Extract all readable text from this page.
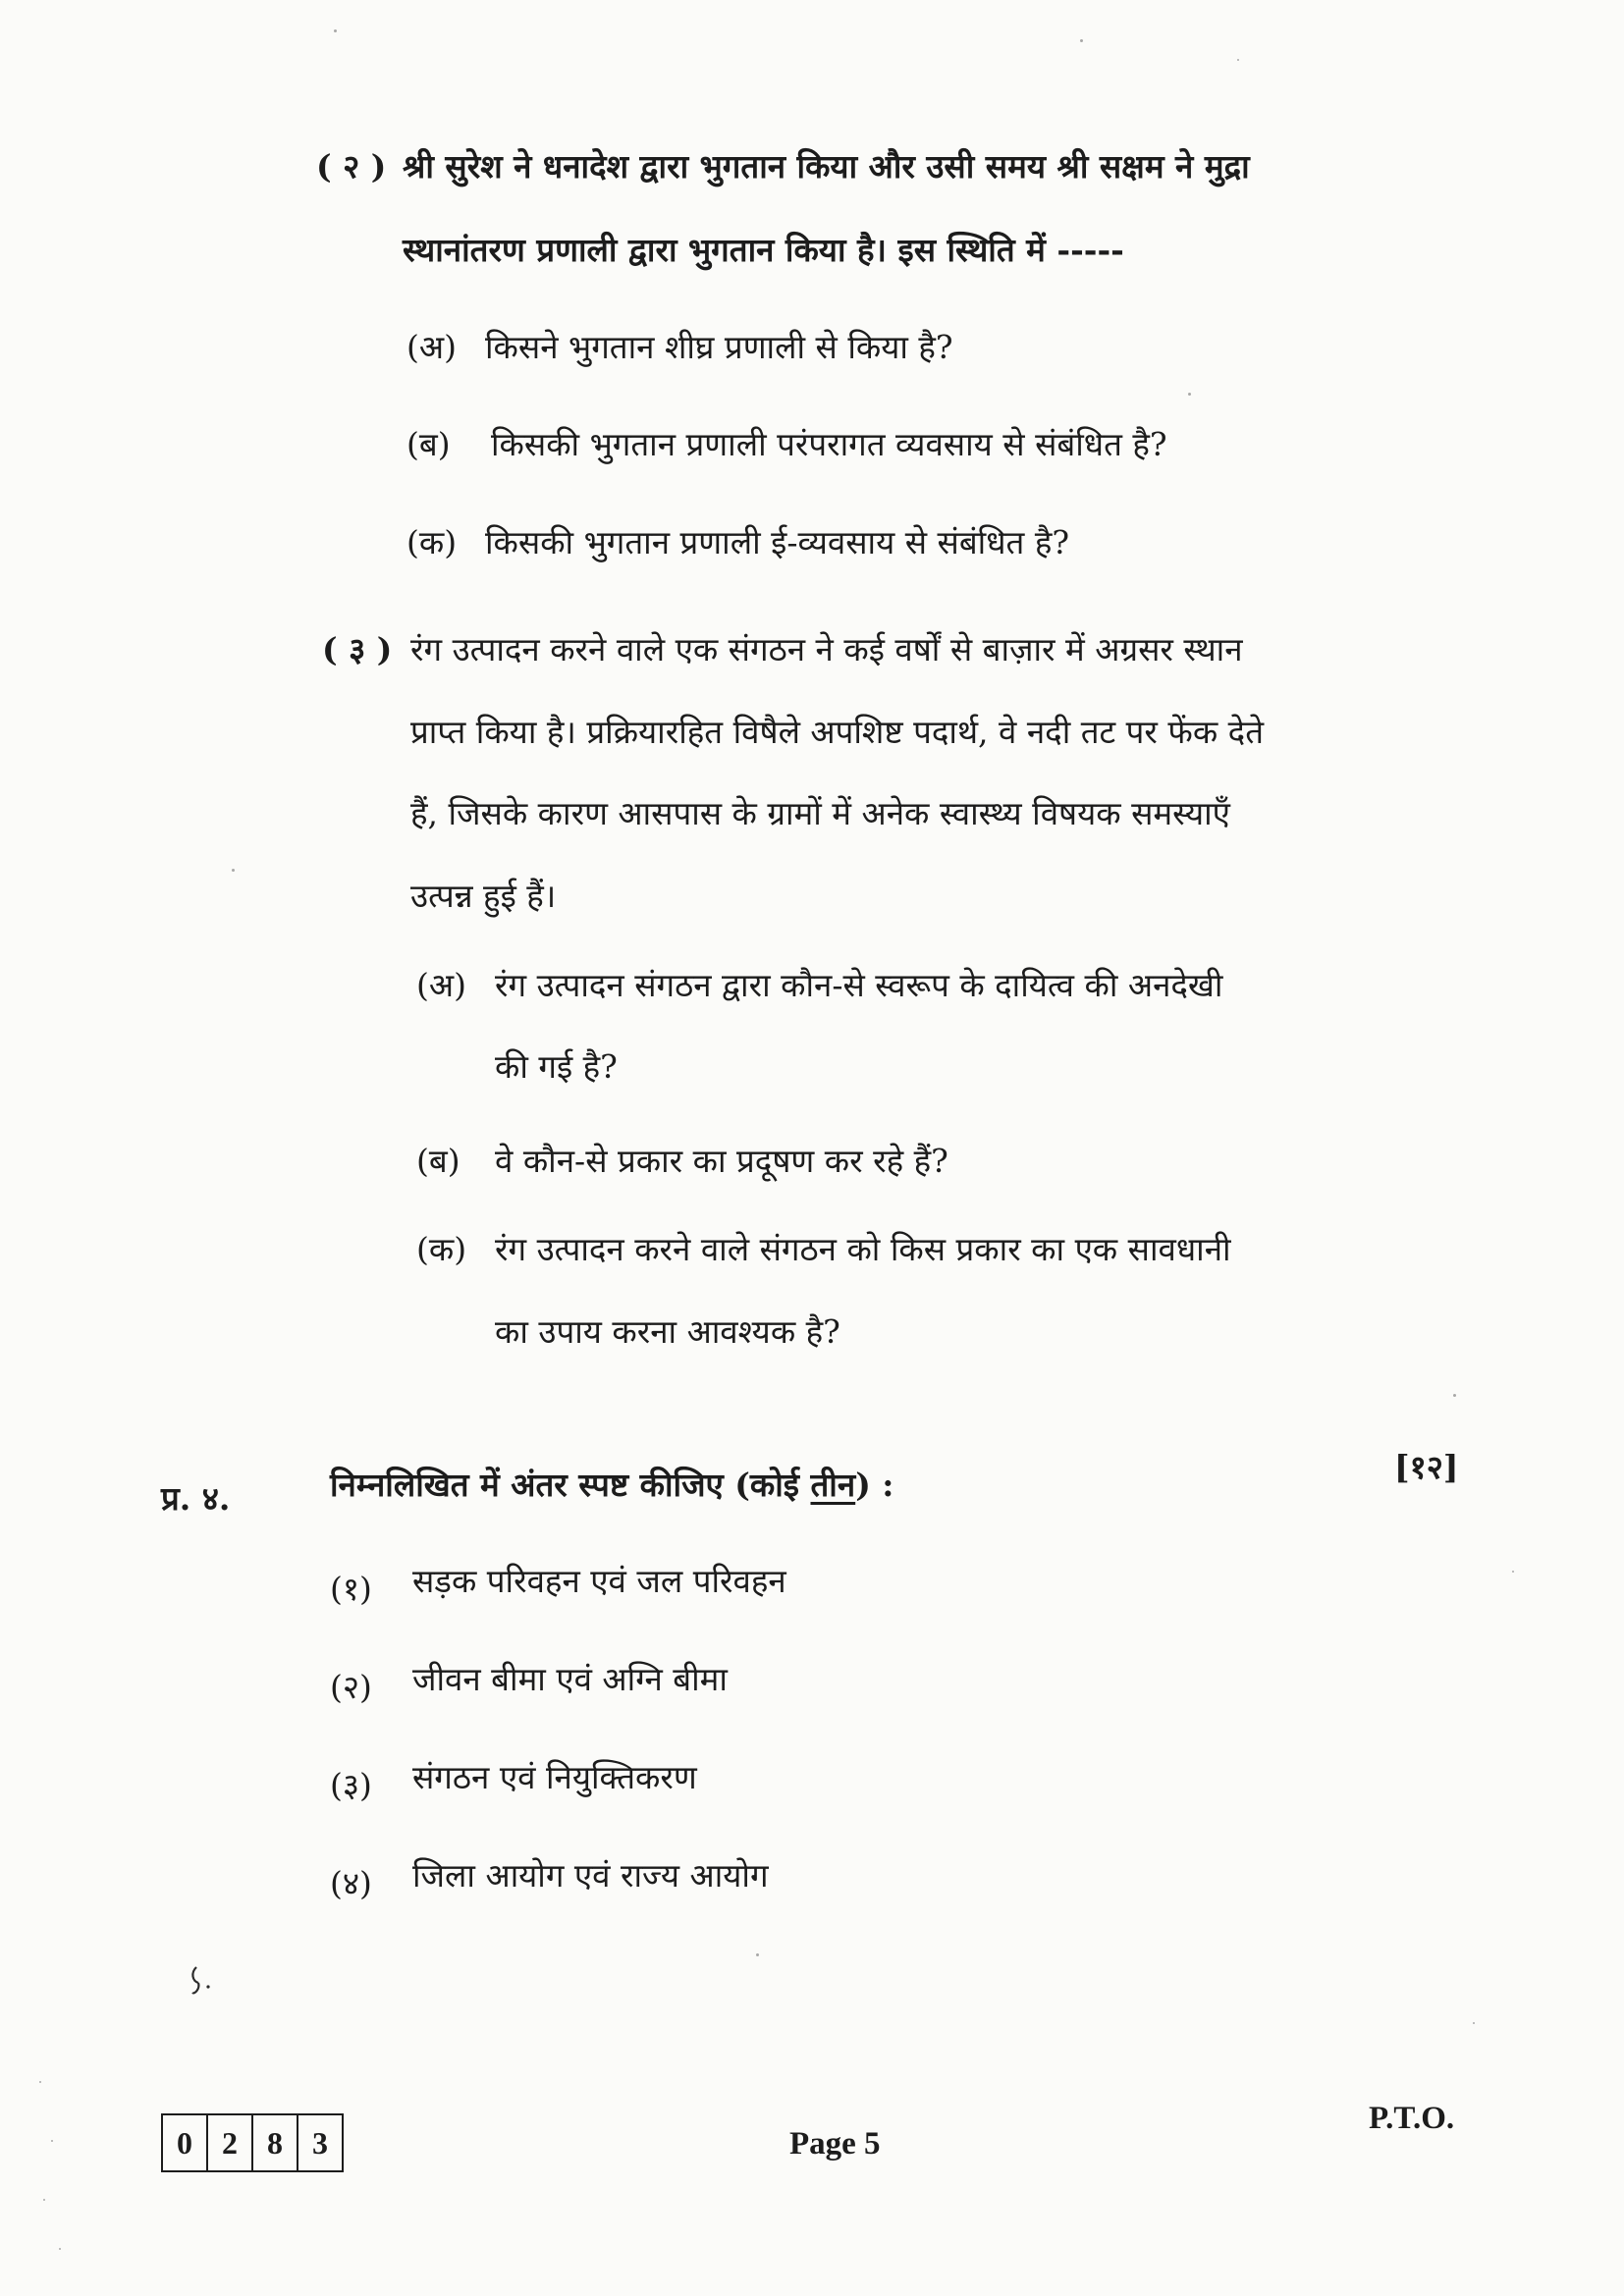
( २ ) श्री सुरेश ने धनादेश द्वारा भुगतान किया और उसी समय श्री सक्षम ने मुद्रा
स्थानांतरण प्रणाली द्वारा भुगतान किया है। इस स्थिति में -----
(अ) किसने भुगतान शीघ्र प्रणाली से किया है?
(ब) किसकी भुगतान प्रणाली परंपरागत व्यवसाय से संबंधित है?
(क) किसकी भुगतान प्रणाली ई-व्यवसाय से संबंधित है?
( ३ ) रंग उत्पादन करने वाले एक संगठन ने कई वर्षों से बाज़ार में अग्रसर स्थान
प्राप्त किया है। प्रक्रियारहित विषैले अपशिष्ट पदार्थ, वे नदी तट पर फेंक देते
हैं, जिसके कारण आसपास के ग्रामों में अनेक स्वास्थ्य विषयक समस्याएँ
उत्पन्न हुई हैं।
(अ) रंग उत्पादन संगठन द्वारा कौन-से स्वरूप के दायित्व की अनदेखी
की गई है?
(ब) वे कौन-से प्रकार का प्रदूषण कर रहे हैं?
(क) रंग उत्पादन करने वाले संगठन को किस प्रकार का एक सावधानी
का उपाय करना आवश्यक है?
प्र. ४.	निम्नलिखित में अंतर स्पष्ट कीजिए (कोई तीन) :	[१२]
(१) सड़क परिवहन एवं जल परिवहन
(२) जीवन बीमा एवं अग्नि बीमा
(३) संगठन एवं नियुक्तिकरण
(४) जिला आयोग एवं राज्य आयोग
0 2 8 3	Page 5
P.T.O.
